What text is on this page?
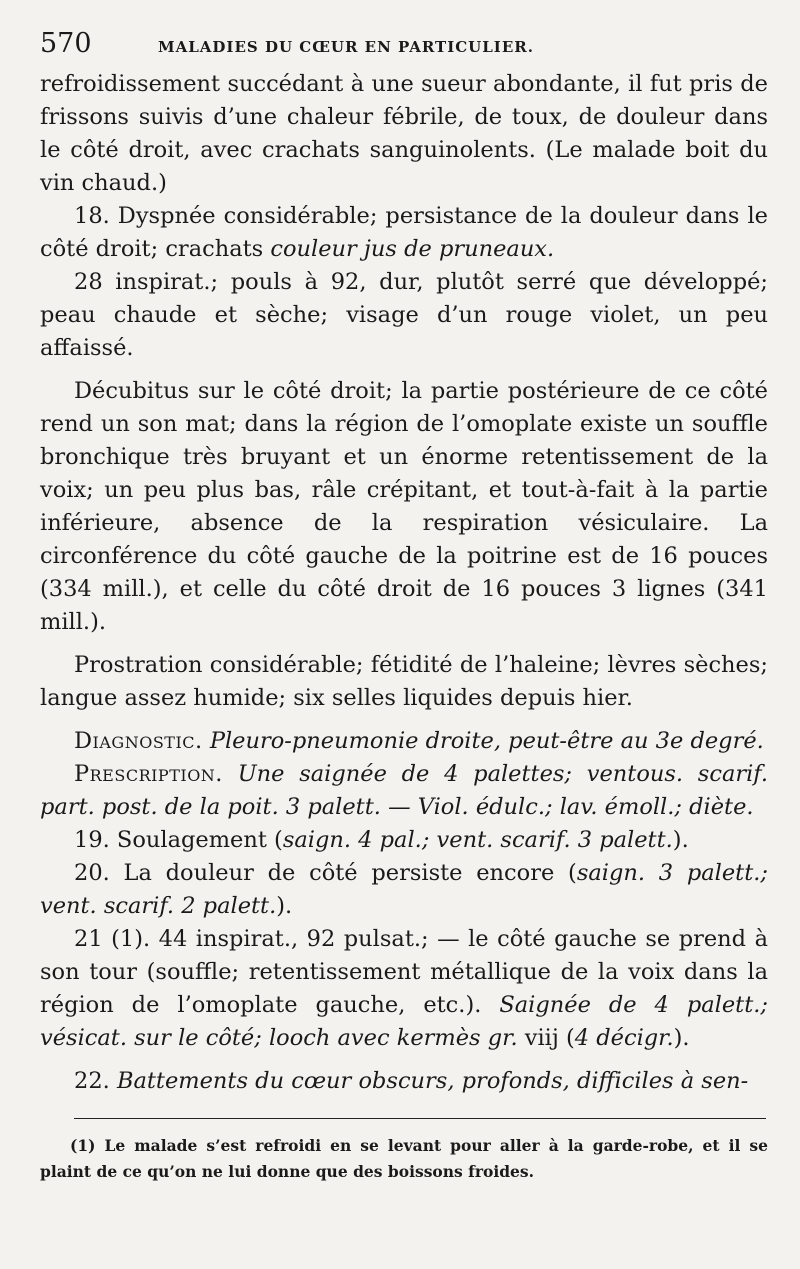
570	MALADIES DU CŒUR EN PARTICULIER.

refroidissement succédant à une sueur abondante, il fut pris de frissons suivis d’une chaleur fébrile, de toux, de douleur dans le côté droit, avec crachats sanguinolents. (Le malade boit du vin chaud.)

18. Dyspnée considérable; persistance de la douleur dans le côté droit; crachats couleur jus de pruneaux.

28 inspirat.; pouls à 92, dur, plutôt serré que développé; peau chaude et sèche; visage d’un rouge violet, un peu affaissé.

Décubitus sur le côté droit; la partie postérieure de ce côté rend un son mat; dans la région de l’omoplate existe un souffle bronchique très bruyant et un énorme retentissement de la voix; un peu plus bas, râle crépitant, et tout-à-fait à la partie inférieure, absence de la respiration vésiculaire. La circonférence du côté gauche de la poitrine est de 16 pouces (334 mill.), et celle du côté droit de 16 pouces 3 lignes (341 mill.).

Prostration considérable; fétidité de l’haleine; lèvres sèches; langue assez humide; six selles liquides depuis hier.

Diagnostic. Pleuro-pneumonie droite, peut-être au 3e degré.

Prescription. Une saignée de 4 palettes; ventous. scarif. part. post. de la poit. 3 palett. — Viol. édulc.; lav. émoll.; diète.

19. Soulagement (saign. 4 pal.; vent. scarif. 3 palett.).

20. La douleur de côté persiste encore (saign. 3 palett.; vent. scarif. 2 palett.).

21 (1). 44 inspirat., 92 pulsat.; — le côté gauche se prend à son tour (souffle; retentissement métallique de la voix dans la région de l’omoplate gauche, etc.). Saignée de 4 palett.; vésicat. sur le côté; looch avec kermès gr. viij (4 décigr.).

22. Battements du cœur obscurs, profonds, difficiles à sen-

(1) Le malade s’est refroidi en se levant pour aller à la garde-robe, et il se plaint de ce qu’on ne lui donne que des boissons froides.
